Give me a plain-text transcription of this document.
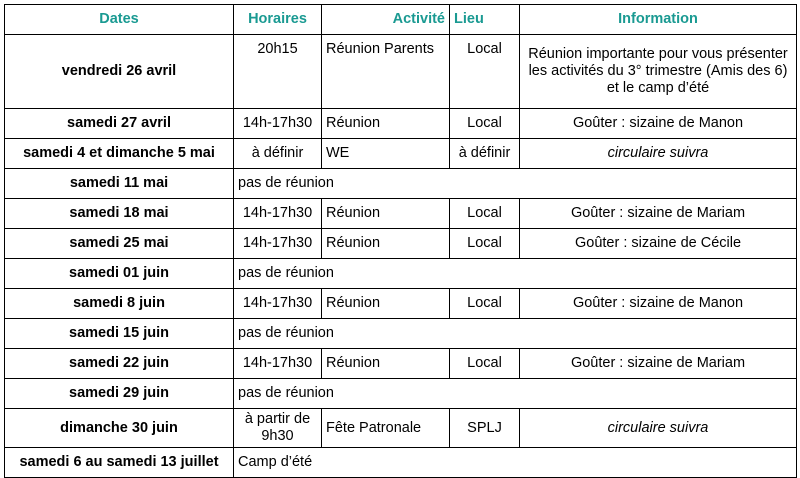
Dates	Horaires	Activité	Lieu	Information
vendredi 26 avril	20h15	Réunion Parents	Local	Réunion importante pour vous présenter les activités du 3° trimestre (Amis des 6) et le camp d’été
samedi 27 avril	14h-17h30	Réunion	Local	Goûter : sizaine de Manon
samedi 4 et dimanche 5 mai	à définir	WE	à définir	circulaire suivra
samedi 11 mai	pas de réunion			
samedi 18 mai	14h-17h30	Réunion	Local	Goûter : sizaine de Mariam
samedi 25 mai	14h-17h30	Réunion	Local	Goûter : sizaine de Cécile
samedi 01 juin	pas de réunion			
samedi 8 juin	14h-17h30	Réunion	Local	Goûter : sizaine de Manon
samedi 15 juin	pas de réunion			
samedi 22 juin	14h-17h30	Réunion	Local	Goûter : sizaine de Mariam
samedi 29 juin	pas de réunion			
dimanche 30 juin	à partir de 9h30	Fête Patronale	SPLJ	circulaire suivra
samedi 6 au samedi 13 juillet	Camp d’été			
